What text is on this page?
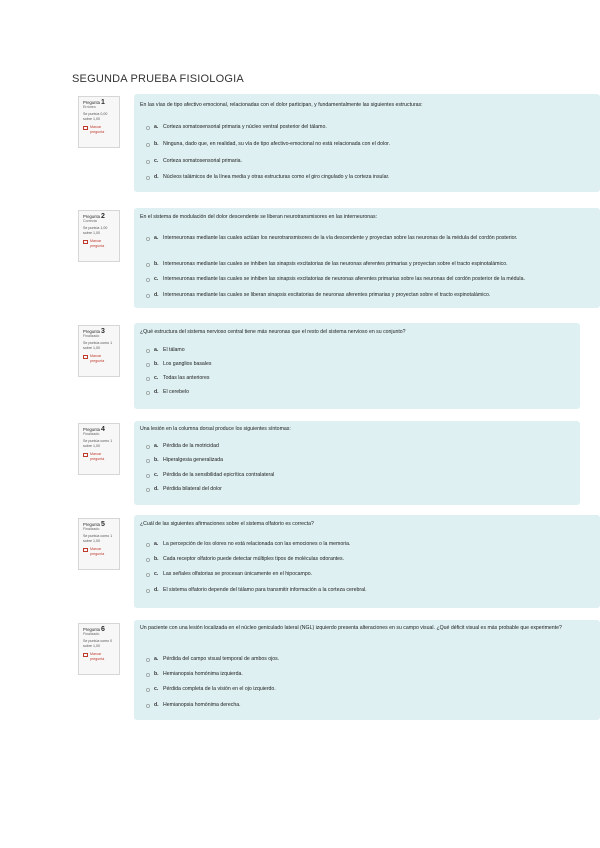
SEGUNDA PRUEBA FISIOLOGIA
Pregunta1
Erróneo
Se puntúa 0,00 sobre 1,00
Marcar pregunta
En las vías de tipo afectivo emocional, relacionadas con el dolor participan, y fundamentalmente las siguientes estructuras:
a. Corteza somatosensorial primaria y núcleo ventral posterior del tálamo.
b. Ninguna, dado que, en realidad, su vía de tipo afectivo-emocional no está relacionada con el dolor.
c. Corteza somatosensorial primaria.
d. Núcleos talámicos de la línea media y otras estructuras como el giro cingulado y la corteza insular.
Pregunta2
Correcta
Se puntúa 1,00 sobre 1,00
Marcar pregunta
En el sistema de modulación del dolor descendente se liberan neurotransmisores en las interneuronas:
a. Interneuronas mediante las cuales actúan los neurotransmisores de la vía descendente y proyectan sobre las neuronas de la médula del cordón posterior.
b. Interneuronas mediante las cuales se inhiben las sinapsis excitatorias de las neuronas aferentes primarias y proyectan sobre el tracto espinotalámico.
c. Interneuronas mediante las cuales se inhiben las sinapsis excitatorias de neuronas aferentes primarias sobre las neuronas del cordón posterior de la médula.
d. Interneuronas mediante las cuales se liberan sinapsis excitatorias de neuronas aferentes primarias y proyectan sobre el tracto espinotalámico.
Pregunta3
Finalizado
Se puntúa como 1 sobre 1,00
Marcar pregunta
¿Qué estructura del sistema nervioso central tiene más neuronas que el resto del sistema nervioso en su conjunto?
a. El tálamo
b. Los ganglios basales
c. Todas las anteriores
d. El cerebelo
Pregunta4
Finalizado
Se puntúa como 1 sobre 1,00
Marcar pregunta
Una lesión en la columna dorsal produce los siguientes síntomas:
a. Pérdida de la motricidad
b. Hiperalgesia generalizada
c. Pérdida de la sensibilidad epicrítica contralateral
d. Pérdida bilateral del dolor
Pregunta5
Finalizado
Se puntúa como 1 sobre 1,00
Marcar pregunta
¿Cuál de las siguientes afirmaciones sobre el sistema olfatorio es correcta?
a. La percepción de los olores no está relacionada con las emociones o la memoria.
b. Cada receptor olfatorio puede detectar múltiples tipos de moléculas odorantes.
c. Las señales olfatorias se procesan únicamente en el hipocampo.
d. El sistema olfatorio depende del tálamo para transmitir información a la corteza cerebral.
Pregunta6
Finalizado
Se puntúa como 0 sobre 1,00
Marcar pregunta
Un paciente con una lesión localizada en el núcleo geniculado lateral (NGL) izquierdo presenta alteraciones en su campo visual. ¿Qué déficit visual es más probable que experimente?
a. Pérdida del campo visual temporal de ambos ojos.
b. Hemianopsia homónima izquierda.
c. Pérdida completa de la visión en el ojo izquierdo.
d. Hemianopsia homónima derecha.
